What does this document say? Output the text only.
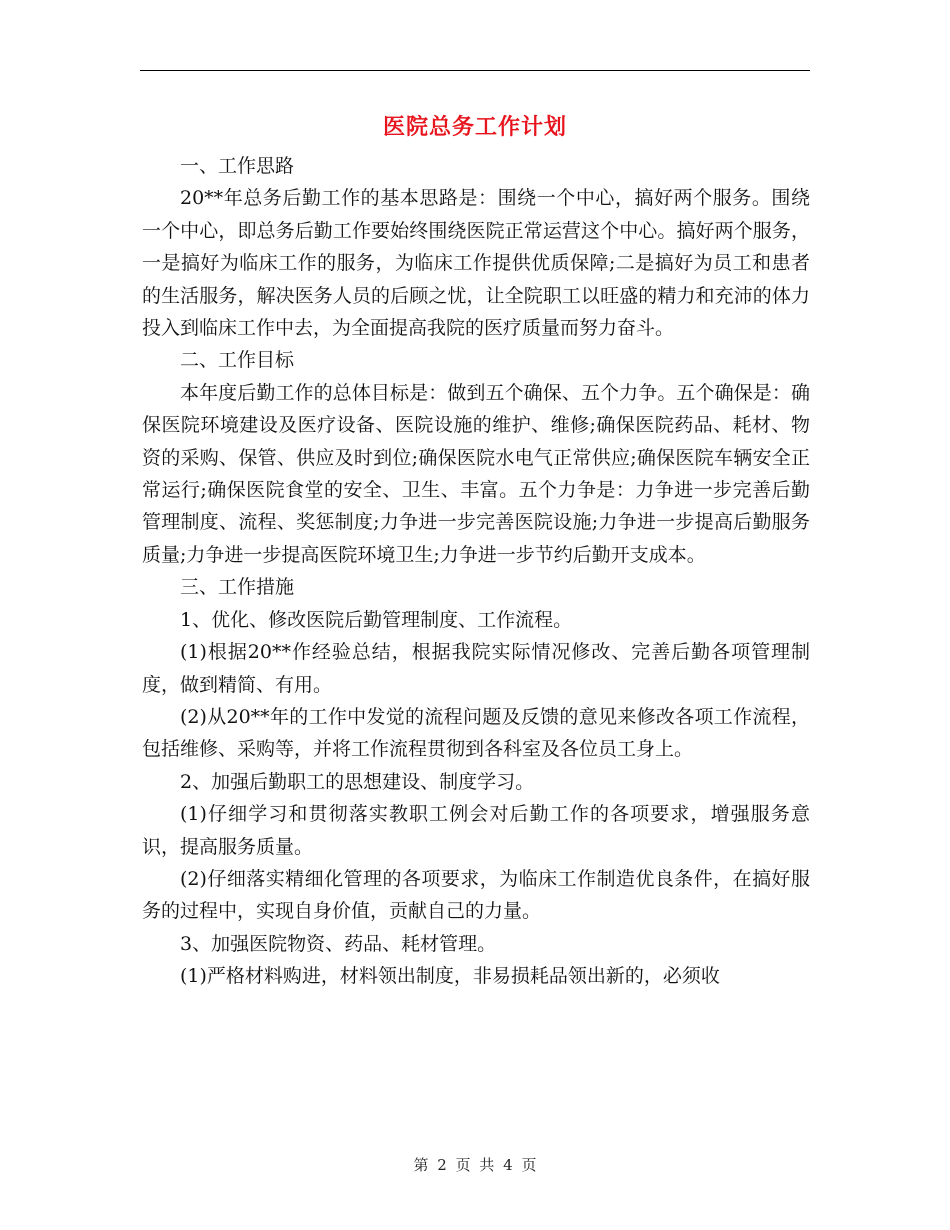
医院总务工作计划

一、工作思路

20**年总务后勤工作的基本思路是：围绕一个中心，搞好两个服务。围绕一个中心，即总务后勤工作要始终围绕医院正常运营这个中心。搞好两个服务，一是搞好为临床工作的服务，为临床工作提供优质保障;二是搞好为员工和患者的生活服务，解决医务人员的后顾之忧，让全院职工以旺盛的精力和充沛的体力投入到临床工作中去，为全面提高我院的医疗质量而努力奋斗。

二、工作目标

本年度后勤工作的总体目标是：做到五个确保、五个力争。五个确保是：确保医院环境建设及医疗设备、医院设施的维护、维修;确保医院药品、耗材、物资的采购、保管、供应及时到位;确保医院水电气正常供应;确保医院车辆安全正常运行;确保医院食堂的安全、卫生、丰富。五个力争是：力争进一步完善后勤管理制度、流程、奖惩制度;力争进一步完善医院设施;力争进一步提高后勤服务质量;力争进一步提高医院环境卫生;力争进一步节约后勤开支成本。

三、工作措施

1、优化、修改医院后勤管理制度、工作流程。

(1)根据20**作经验总结，根据我院实际情况修改、完善后勤各项管理制度，做到精简、有用。

(2)从20**年的工作中发觉的流程问题及反馈的意见来修改各项工作流程，包括维修、采购等，并将工作流程贯彻到各科室及各位员工身上。

2、加强后勤职工的思想建设、制度学习。

(1)仔细学习和贯彻落实教职工例会对后勤工作的各项要求，增强服务意识，提高服务质量。

(2)仔细落实精细化管理的各项要求，为临床工作制造优良条件，在搞好服务的过程中，实现自身价值，贡献自己的力量。

3、加强医院物资、药品、耗材管理。

(1)严格材料购进，材料领出制度，非易损耗品领出新的，必须收

第 2 页 共 4 页
